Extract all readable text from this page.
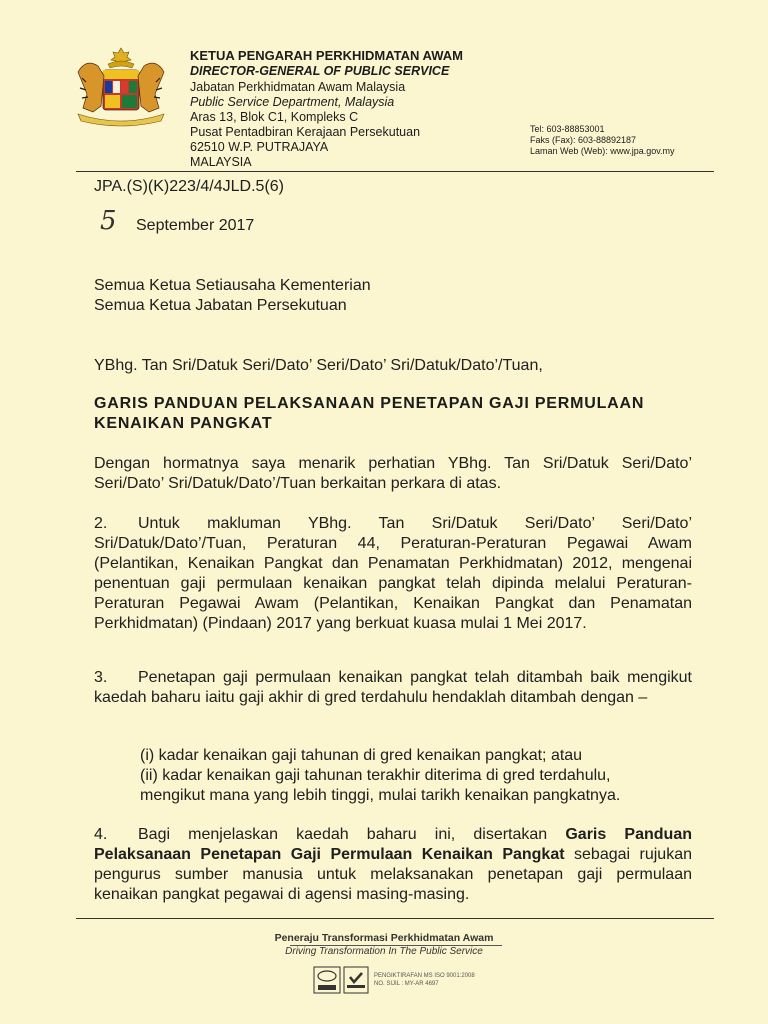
KETUA PENGARAH PERKHIDMATAN AWAM
DIRECTOR-GENERAL OF PUBLIC SERVICE
Jabatan Perkhidmatan Awam Malaysia
Public Service Department, Malaysia
Aras 13, Blok C1, Kompleks C
Pusat Pentadbiran Kerajaan Persekutuan
62510 W.P. PUTRAJAYA
MALAYSIA
Tel: 603-88853001
Faks (Fax): 603-88892187
Laman Web (Web): www.jpa.gov.my
JPA.(S)(K)223/4/4JLD.5(6)
5 September 2017
Semua Ketua Setiausaha Kementerian
Semua Ketua Jabatan Persekutuan
YBhg. Tan Sri/Datuk Seri/Dato’ Seri/Dato’ Sri/Datuk/Dato’/Tuan,
GARIS PANDUAN PELAKSANAAN PENETAPAN GAJI PERMULAAN KENAIKAN PANGKAT
Dengan hormatnya saya menarik perhatian YBhg. Tan Sri/Datuk Seri/Dato’ Seri/Dato’ Sri/Datuk/Dato’/Tuan berkaitan perkara di atas.
2. Untuk makluman YBhg. Tan Sri/Datuk Seri/Dato’ Seri/Dato’ Sri/Datuk/Dato’/Tuan, Peraturan 44, Peraturan-Peraturan Pegawai Awam (Pelantikan, Kenaikan Pangkat dan Penamatan Perkhidmatan) 2012, mengenai penentuan gaji permulaan kenaikan pangkat telah dipinda melalui Peraturan-Peraturan Pegawai Awam (Pelantikan, Kenaikan Pangkat dan Penamatan Perkhidmatan) (Pindaan) 2017 yang berkuat kuasa mulai 1 Mei 2017.
3. Penetapan gaji permulaan kenaikan pangkat telah ditambah baik mengikut kaedah baharu iaitu gaji akhir di gred terdahulu hendaklah ditambah dengan –
(i) kadar kenaikan gaji tahunan di gred kenaikan pangkat; atau
(ii) kadar kenaikan gaji tahunan terakhir diterima di gred terdahulu,
mengikut mana yang lebih tinggi, mulai tarikh kenaikan pangkatnya.
4. Bagi menjelaskan kaedah baharu ini, disertakan Garis Panduan Pelaksanaan Penetapan Gaji Permulaan Kenaikan Pangkat sebagai rujukan pengurus sumber manusia untuk melaksanakan penetapan gaji permulaan kenaikan pangkat pegawai di agensi masing-masing.
Peneraju Transformasi Perkhidmatan Awam
Driving Transformation In The Public Service
PENGIKTIRAFAN MS ISO 9001:2008
NO. SIJIL : MY-AR 4697
